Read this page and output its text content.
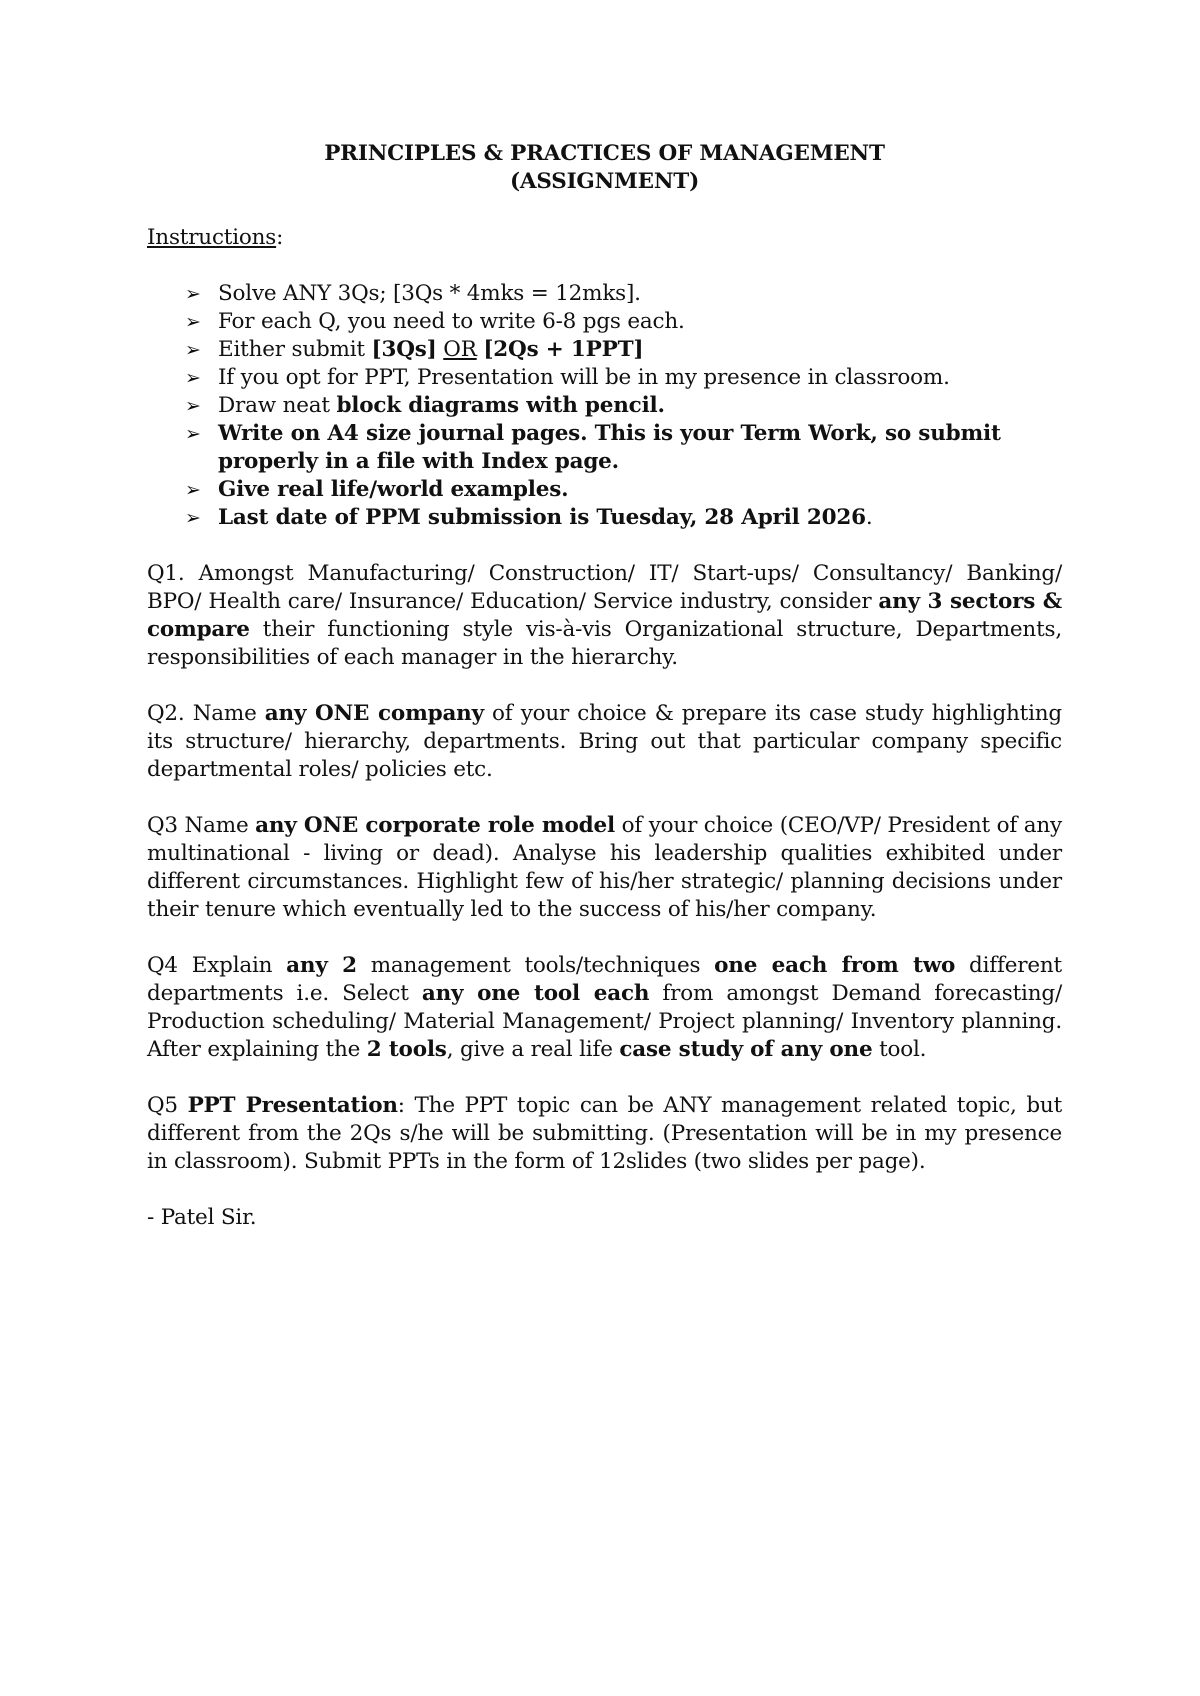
PRINCIPLES & PRACTICES OF MANAGEMENT
(ASSIGNMENT)
Instructions:
➢ Solve ANY 3Qs; [3Qs * 4mks = 12mks].
➢ For each Q, you need to write 6-8 pgs each.
➢ Either submit [3Qs] OR [2Qs + 1PPT]
➢ If you opt for PPT, Presentation will be in my presence in classroom.
➢ Draw neat block diagrams with pencil.
➢ Write on A4 size journal pages. This is your Term Work, so submit properly in a file with Index page.
➢ Give real life/world examples.
➢ Last date of PPM submission is Tuesday, 28 April 2026.
Q1. Amongst Manufacturing/ Construction/ IT/ Start-ups/ Consultancy/ Banking/ BPO/ Health care/ Insurance/ Education/ Service industry, consider any 3 sectors & compare their functioning style vis-à-vis Organizational structure, Departments, responsibilities of each manager in the hierarchy.
Q2. Name any ONE company of your choice & prepare its case study highlighting its structure/ hierarchy, departments. Bring out that particular company specific departmental roles/ policies etc.
Q3 Name any ONE corporate role model of your choice (CEO/VP/ President of any multinational - living or dead). Analyse his leadership qualities exhibited under different circumstances. Highlight few of his/her strategic/ planning decisions under their tenure which eventually led to the success of his/her company.
Q4 Explain any 2 management tools/techniques one each from two different departments i.e. Select any one tool each from amongst Demand forecasting/ Production scheduling/ Material Management/ Project planning/ Inventory planning. After explaining the 2 tools, give a real life case study of any one tool.
Q5 PPT Presentation: The PPT topic can be ANY management related topic, but different from the 2Qs s/he will be submitting. (Presentation will be in my presence in classroom). Submit PPTs in the form of 12slides (two slides per page).
- Patel Sir.
